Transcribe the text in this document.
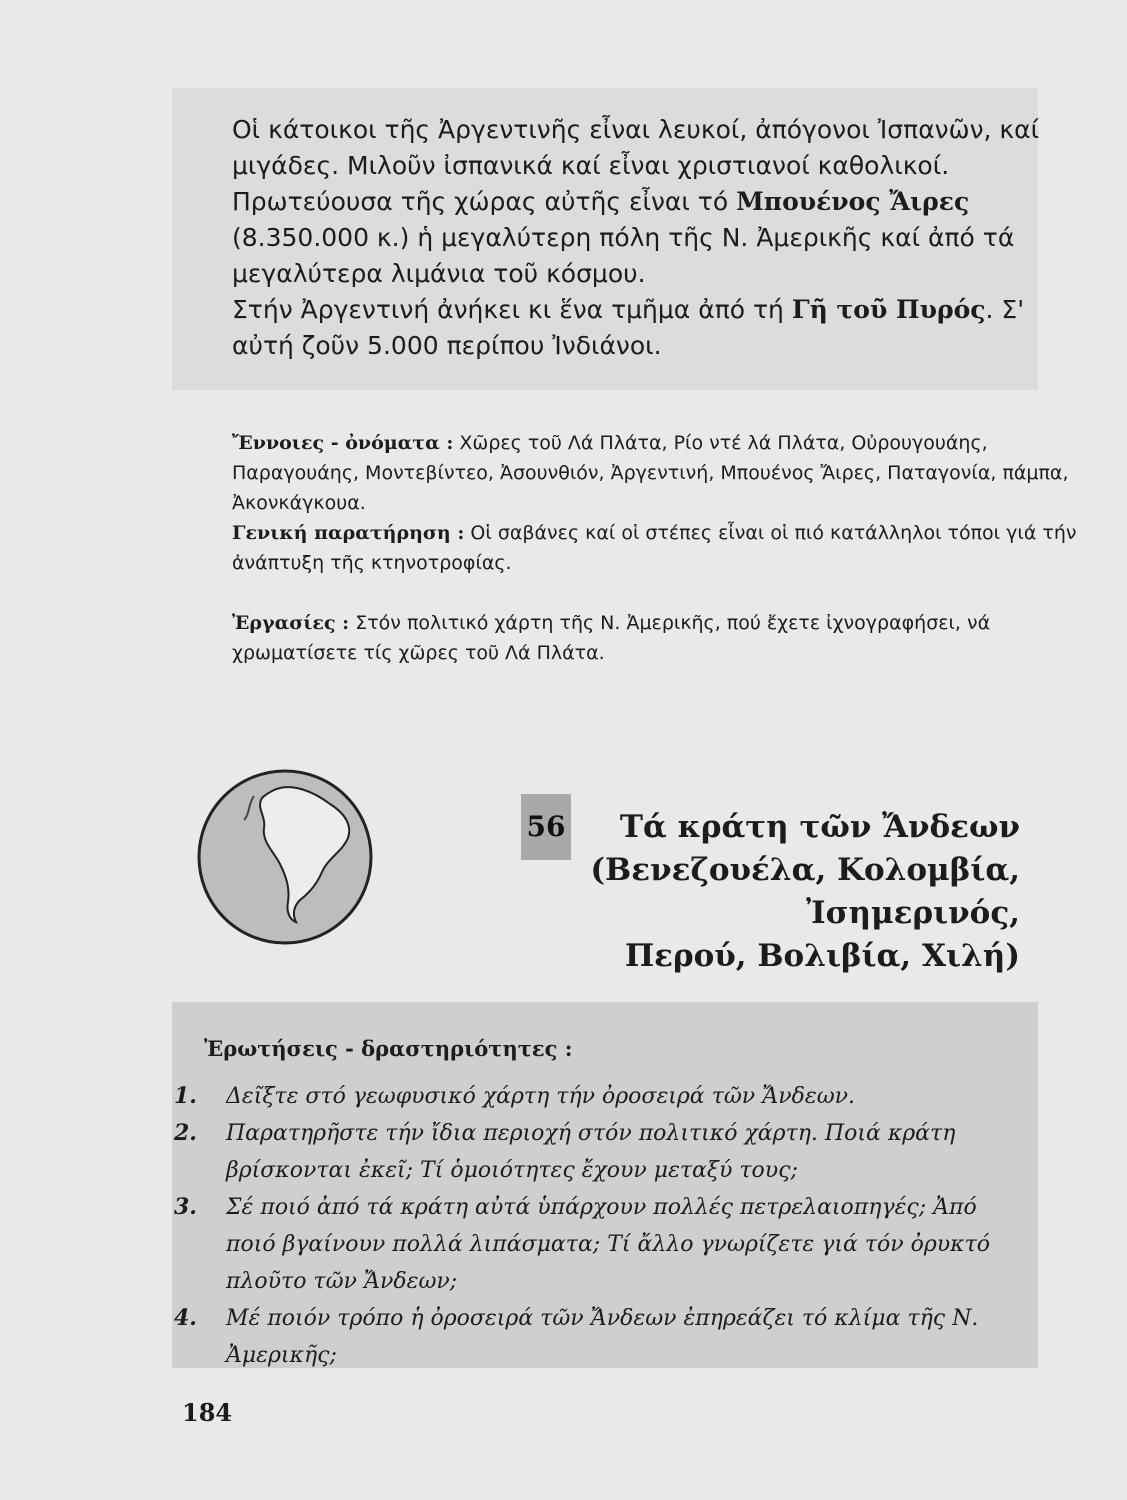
Οἱ κάτοικοι τῆς Ἀργεντινῆς εἶναι λευκοί, ἀπόγονοι Ἰσπανῶν, καί μιγάδες. Μιλοῦν ἰσπανικά καί εἶναι χριστιανοί καθολικοί.

Πρωτεύουσα τῆς χώρας αὐτῆς εἶναι τό Μπουένος Ἄιρες (8.350.000 κ.) ἡ μεγαλύτερη πόλη τῆς Ν. Ἀμερικῆς καί ἀπό τά μεγαλύτερα λιμάνια τοῦ κόσμου.

Στήν Ἀργεντινή ἀνήκει κι ἕνα τμῆμα ἀπό τή Γῆ τοῦ Πυρός. Σ' αὐτή ζοῦν 5.000 περίπου Ἰνδιάνοι.

Ἔννοιες - ὀνόματα : Χῶρες τοῦ Λά Πλάτα, Ρίο ντέ λά Πλάτα, Οὐρουγουάης, Παραγουάης, Μοντεβίντεο, Ἀσουνθιόν, Ἀργεντινή, Μπουένος Ἄιρες, Παταγονία, πάμπα, Ἀκονκάγκουα.

Γενική παρατήρηση : Οἱ σαβάνες καί οἱ στέπες εἶναι οἱ πιό κατάλληλοι τόποι γιά τήν ἀνάπτυξη τῆς κτηνοτροφίας.

Ἐργασίες : Στόν πολιτικό χάρτη τῆς Ν. Ἀμερικῆς, πού ἔχετε ἰχνογραφήσει, νά χρωματίσετε τίς χῶρες τοῦ Λά Πλάτα.

56	Τά κράτη τῶν Ἄνδεων
(Βενεζουέλα, Κολομβία, Ἰσημερινός,
Περού, Βολιβία, Χιλή)

Ἐρωτήσεις - δραστηριότητες :

1. Δεῖξτε στό γεωφυσικό χάρτη τήν ὀροσειρά τῶν Ἄνδεων.
2. Παρατηρῆστε τήν ἴδια περιοχή στόν πολιτικό χάρτη. Ποιά κράτη βρίσκονται ἐκεῖ; Τί ὁμοιότητες ἔχουν μεταξύ τους;
3. Σέ ποιό ἀπό τά κράτη αὐτά ὑπάρχουν πολλές πετρελαιοπηγές; Ἀπό ποιό βγαίνουν πολλά λιπάσματα; Τί ἄλλο γνωρίζετε γιά τόν ὀρυκτό πλοῦτο τῶν Ἄνδεων;
4. Μέ ποιόν τρόπο ἡ ὀροσειρά τῶν Ἄνδεων ἐπηρεάζει τό κλίμα τῆς Ν. Ἀμερικῆς;

184
